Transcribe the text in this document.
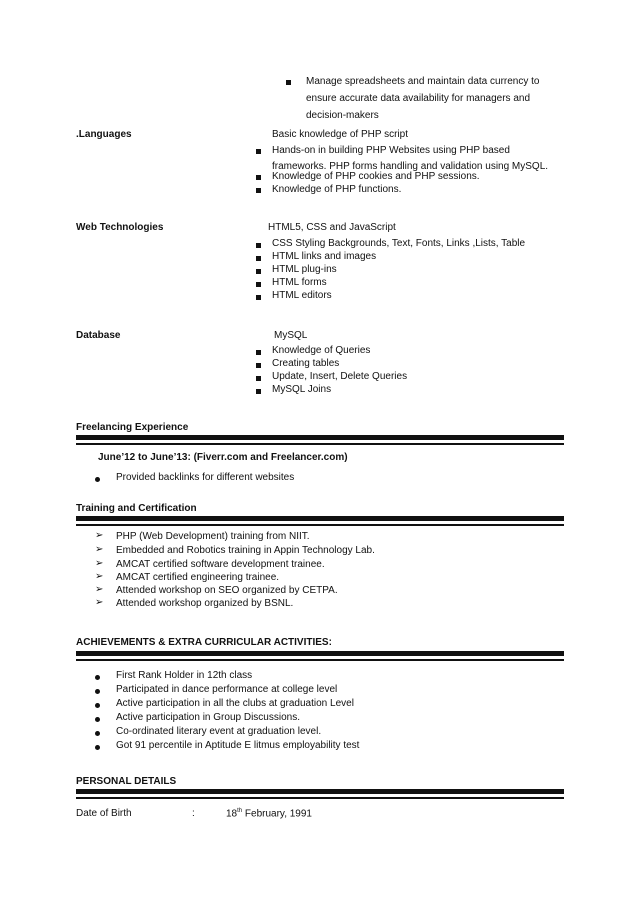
Manage spreadsheets and maintain data currency to
ensure accurate data availability for managers and
decision-makers
.Languages	Basic knowledge of PHP script
Hands-on in building PHP Websites using PHP based
frameworks. PHP forms handling and validation using MySQL.
Knowledge of PHP cookies and PHP sessions.
Knowledge of PHP functions.
Web Technologies	HTML5, CSS and JavaScript
CSS Styling Backgrounds, Text, Fonts, Links ,Lists, Table
HTML links and images
HTML plug-ins
HTML forms
HTML editors
Database	MySQL
Knowledge of Queries
Creating tables
Update, Insert, Delete Queries
MySQL Joins
Freelancing Experience
June’12 to June’13: (Fiverr.com and Freelancer.com)
Provided backlinks for different websites
Training and Certification
➢ PHP (Web Development) training from NIIT.
➢ Embedded and Robotics training in Appin Technology Lab.
➢ AMCAT certified software development trainee.
➢ AMCAT certified engineering trainee.
➢ Attended workshop on SEO organized by CETPA.
➢ Attended workshop organized by BSNL.
ACHIEVEMENTS & EXTRA CURRICULAR ACTIVITIES:
First Rank Holder in 12th class
Participated in dance performance at college level
Active participation in all the clubs at graduation Level
Active participation in Group Discussions.
Co-ordinated literary event at graduation level.
Got 91 percentile in Aptitude E litmus employability test
PERSONAL DETAILS
Date of Birth	:	18th February, 1991
